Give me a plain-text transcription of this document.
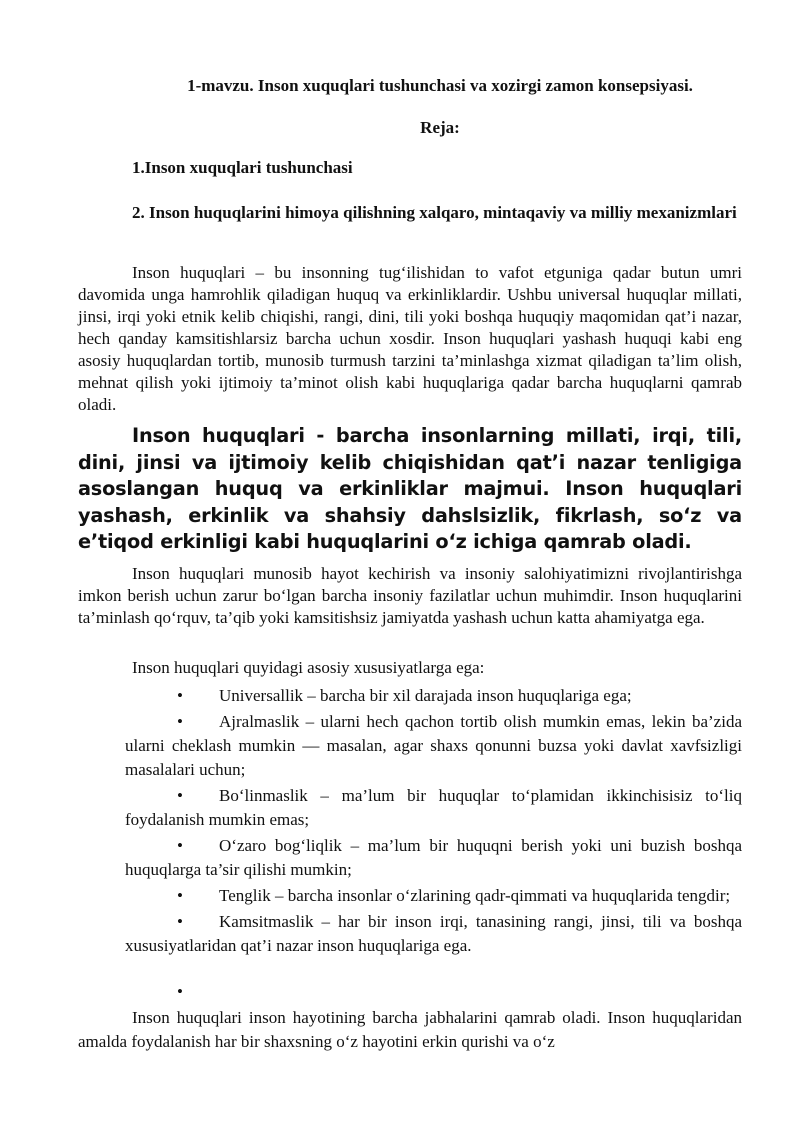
1-mavzu. Inson xuquqlari tushunchasi va xozirgi zamon konsepsiyasi.
Reja:
1.Inson xuquqlari tushunchasi
2. Inson huquqlarini himoya qilishning xalqaro, mintaqaviy va milliy mexanizmlari
Inson huquqlari – bu insonning tug‘ilishidan to vafot etguniga qadar butun umri davomida unga hamrohlik qiladigan huquq va erkinliklardir. Ushbu universal huquqlar millati, jinsi, irqi yoki etnik kelib chiqishi, rangi, dini, tili yoki boshqa huquqiy maqomidan qat’i nazar, hech qanday kamsitishlarsiz barcha uchun xosdir. Inson huquqlari yashash huquqi kabi eng asosiy huquqlardan tortib, munosib turmush tarzini ta’minlashga xizmat qiladigan ta’lim olish, mehnat qilish yoki ijtimoiy ta’minot olish kabi huquqlariga qadar barcha huquqlarni qamrab oladi.
Inson huquqlari - barcha insonlarning millati, irqi, tili, dini, jinsi va ijtimoiy kelib chiqishidan qat’i nazar tenligiga asoslangan huquq va erkinliklar majmui. Inson huquqlari yashash, erkinlik va shahsiy dahslsizlik, fikrlash, so‘z va e’tiqod erkinligi kabi huquqlarini o‘z ichiga qamrab oladi.
Inson huquqlari munosib hayot kechirish va insoniy salohiyatimizni rivojlantirishga imkon berish uchun zarur bo‘lgan barcha insoniy fazilatlar uchun muhimdir. Inson huquqlarini ta’minlash qo‘rquv, ta’qib yoki kamsitishsiz jamiyatda yashash uchun katta ahamiyatga ega.
Inson huquqlari quyidagi asosiy xususiyatlarga ega:
• Universallik – barcha bir xil darajada inson huquqlariga ega;
• Ajralmaslik – ularni hech qachon tortib olish mumkin emas, lekin ba’zida ularni cheklash mumkin — masalan, agar shaxs qonunni buzsa yoki davlat xavfsizligi masalalari uchun;
• Bo‘linmaslik – ma’lum bir huquqlar to‘plamidan ikkinchisisiz to‘liq foydalanish mumkin emas;
• O‘zaro bog‘liqlik – ma’lum bir huquqni berish yoki uni buzish boshqa huquqlarga ta’sir qilishi mumkin;
• Tenglik – barcha insonlar o‘zlarining qadr-qimmati va huquqlarida tengdir;
• Kamsitmaslik – har bir inson irqi, tanasining rangi, jinsi, tili va boshqa xususiyatlaridan qat’i nazar inson huquqlariga ega.
•
Inson huquqlari inson hayotining barcha jabhalarini qamrab oladi. Inson huquqlaridan amalda foydalanish har bir shaxsning o‘z hayotini erkin qurishi va o‘z
